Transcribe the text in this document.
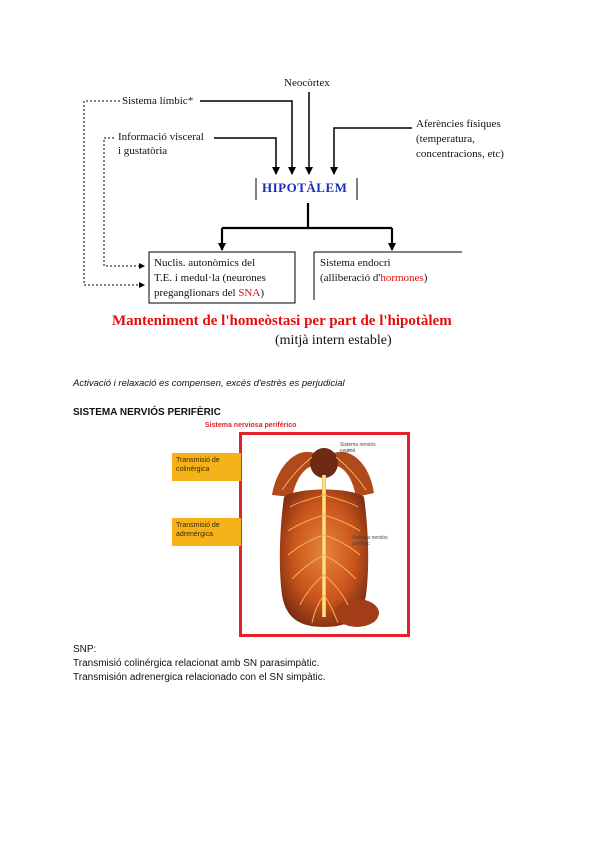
Neocòrtex
Sistema límbic*
Informació visceral
i gustatòria
Aferències físiques
(temperatura,
concentracions, etc)
HIPOTÀLEM
Nuclis. autonòmics del
T.E. i medul·la (neurones
preganglionars del SNA)
Sistema endocri
(alliberació d'hormones)
Manteniment de l'homeòstasi per part de l'hipotàlem
(mitjà intern estable)
Activació i relaxació es compensen, excés d'estrès es perjudicial
SISTEMA NERVIÓS PERIFÈRIC
Sistema nerviosa periférico
Sistema nerviós
central
Sistema nerviós
perifèric
Transmisió de
colinérgica
Transmisió de
adrenérgica
SNP:
Transmisió colinérgica relacionat amb SN parasimpàtic.
Transmisión adrenergica relacionado con el SN simpàtic.
